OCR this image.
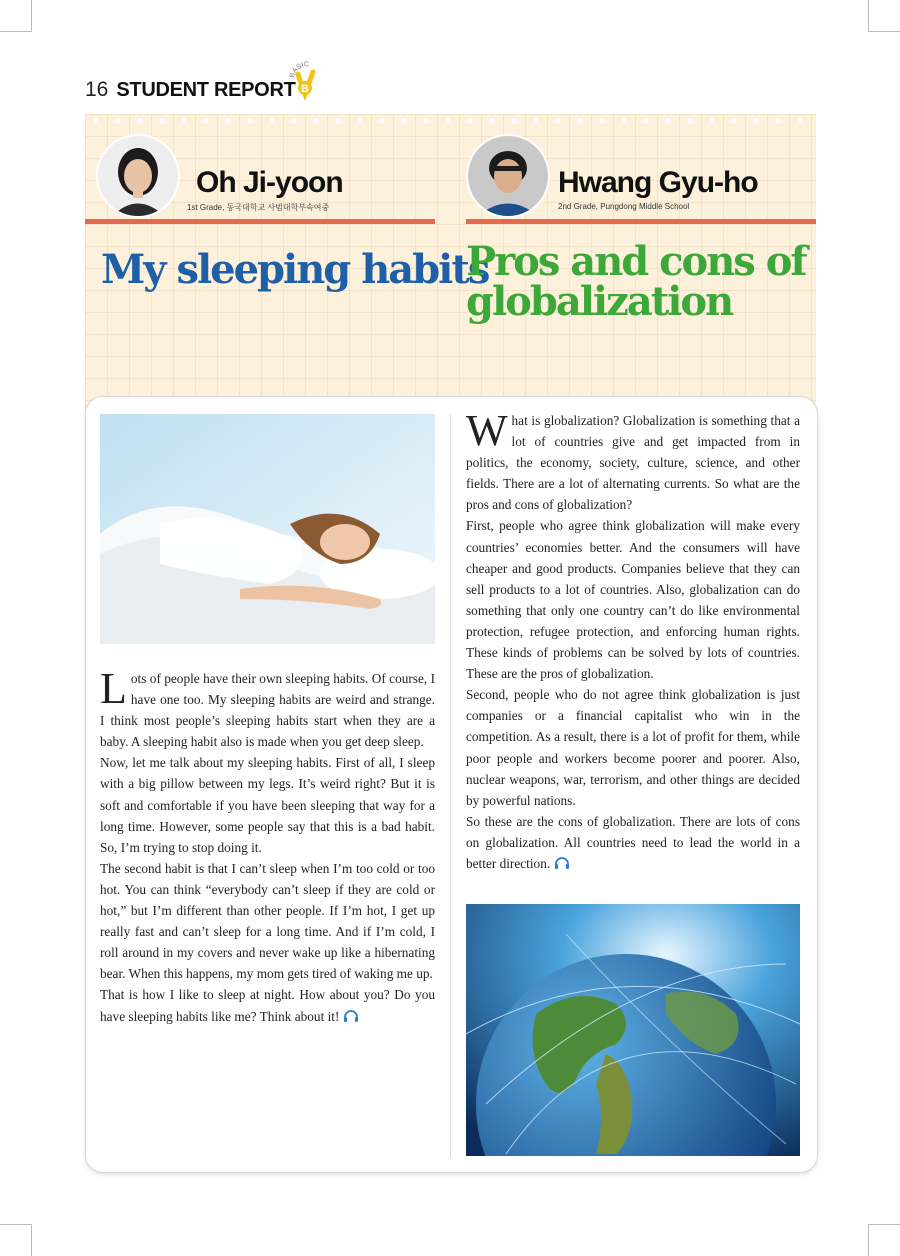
16 STUDENT REPORT
BASIC
B
Oh Ji-yoon
1st Grade, 동국대학교 사범대학부속여중
My sleeping habits
Hwang Gyu-ho
2nd Grade, Pungdong Middle School
Pros and cons of
globalization

Lots of people have their own sleeping habits. Of course, I have one too. My sleeping habits are weird and strange. I think most people’s sleeping habits start when they are a baby. A sleeping habit also is made when you get deep sleep.

Now, let me talk about my sleeping habits. First of all, I sleep with a big pillow between my legs. It’s weird right? But it is soft and comfortable if you have been sleeping that way for a long time. However, some people say that this is a bad habit. So, I’m trying to stop doing it.

The second habit is that I can’t sleep when I’m too cold or too hot. You can think “everybody can’t sleep if they are cold or hot,” but I’m different than other people. If I’m hot, I get up really fast and can’t sleep for a long time. And if I’m cold, I roll around in my covers and never wake up like a hibernating bear. When this happens, my mom gets tired of waking me up.

That is how I like to sleep at night. How about you? Do you have sleeping habits like me? Think about it!

What is globalization? Globalization is something that a lot of countries give and get impacted from in politics, the economy, society, culture, science, and other fields. There are a lot of alternating currents. So what are the pros and cons of globalization?

First, people who agree think globalization will make every countries’ economies better. And the consumers will have cheaper and good products. Companies believe that they can sell products to a lot of countries. Also, globalization can do something that only one country can’t do like environmental protection, refugee protection, and enforcing human rights. These kinds of problems can be solved by lots of countries. These are the pros of globalization.

Second, people who do not agree think globalization is just companies or a financial capitalist who win in the competition. As a result, there is a lot of profit for them, while poor people and workers become poorer and poorer. Also, nuclear weapons, war, terrorism, and other things are decided by powerful nations.

So these are the cons of globalization. There are lots of cons on globalization. All countries need to lead the world in a better direction.
